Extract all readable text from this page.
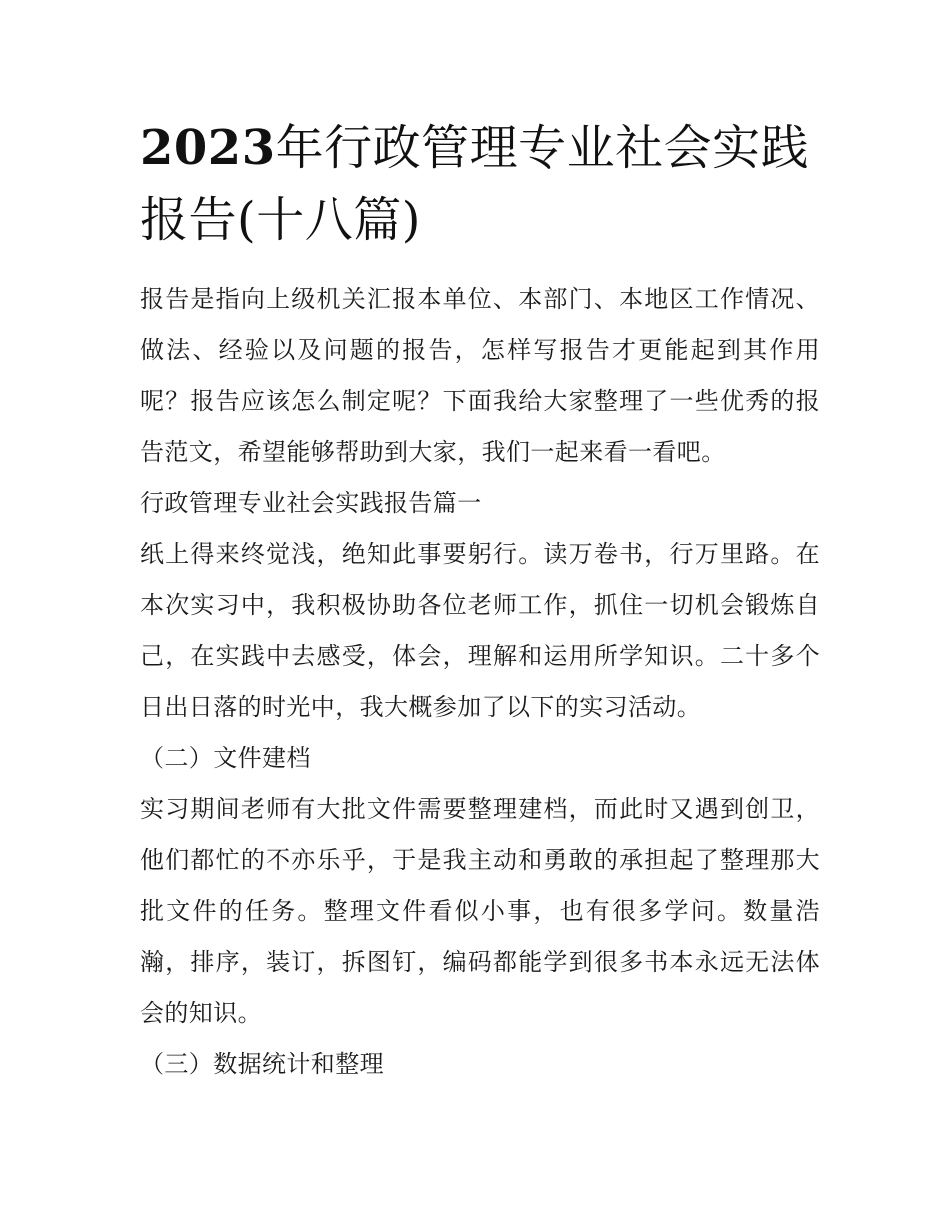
2023年行政管理专业社会实践报告(十八篇)

报告是指向上级机关汇报本单位、本部门、本地区工作情况、做法、经验以及问题的报告，怎样写报告才更能起到其作用呢？报告应该怎么制定呢？下面我给大家整理了一些优秀的报告范文，希望能够帮助到大家，我们一起来看一看吧。

行政管理专业社会实践报告篇一

纸上得来终觉浅，绝知此事要躬行。读万卷书，行万里路。在本次实习中，我积极协助各位老师工作，抓住一切机会锻炼自己，在实践中去感受，体会，理解和运用所学知识。二十多个日出日落的时光中，我大概参加了以下的实习活动。

（二）文件建档

实习期间老师有大批文件需要整理建档，而此时又遇到创卫，他们都忙的不亦乐乎，于是我主动和勇敢的承担起了整理那大批文件的任务。整理文件看似小事，也有很多学问。数量浩瀚，排序，装订，拆图钉，编码都能学到很多书本永远无法体会的知识。

（三）数据统计和整理
